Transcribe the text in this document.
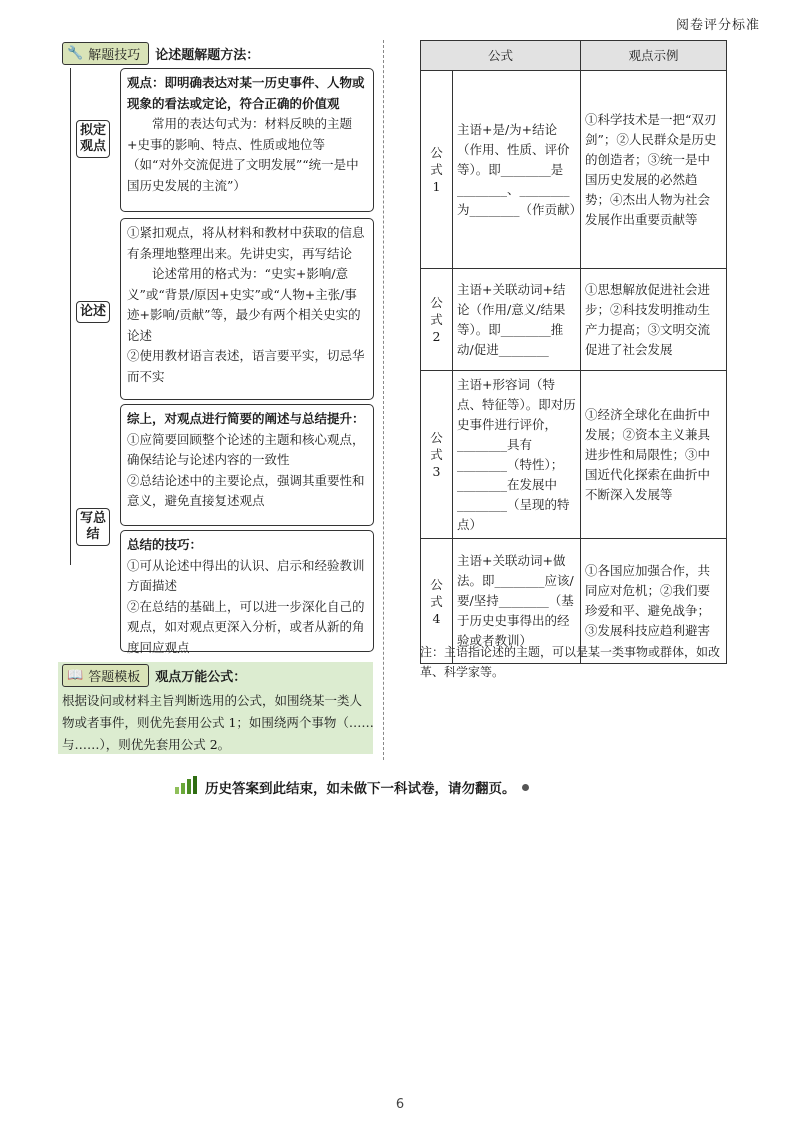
阅卷评分标准
🔧 解题技巧 论述题解题方法：
拟定
观点

观点：即明确表达对某一历史事件、人物或现象的看法或定论，符合正确的价值观

常用的表达句式为：材料反映的主题+史事的影响、特点、性质或地位等（如“对外交流促进了文明发展”“统一是中国历史发展的主流”）

论述

①紧扣观点，将从材料和教材中获取的信息有条理地整理出来。先讲史实，再写结论

论述常用的格式为：“史实+影响/意义”或“背景/原因+史实”或“人物+主张/事迹+影响/贡献”等，最少有两个相关史实的论述

②使用教材语言表述，语言要平实，切忌华而不实

写总
结

综上，对观点进行简要的阐述与总结提升：

①应简要回顾整个论述的主题和核心观点，确保结论与论述内容的一致性

②总结论述中的主要论点，强调其重要性和意义，避免直接复述观点

总结的技巧：

①可从论述中得出的认识、启示和经验教训方面描述

②在总结的基础上，可以进一步深化自己的观点，如对观点更深入分析，或者从新的角度回应观点

📖 答题模板 观点万能公式：
根据设问或材料主旨判断选用的公式，如围绕某一类人物或者事件，则优先套用公式 1；如围绕两个事物（……与……），则优先套用公式 2。
公式		观点示例

公
式
1	主语+是/为+结论（作用、性质、评价等）。即________是________、________为________（作贡献）	①科学技术是一把“双刃剑”；②人民群众是历史的创造者；③统一是中国历史发展的必然趋势；④杰出人物为社会发展作出重要贡献等

公
式
2	主语+关联动词+结论（作用/意义/结果等）。即________推动/促进________	①思想解放促进社会进步；②科技发明推动生产力提高；③文明交流促进了社会发展

公
式
3	主语+形容词（特点、特征等）。即对历史事件进行评价，________具有________（特性）；________在发展中________（呈现的特点）	①经济全球化在曲折中发展；②资本主义兼具进步性和局限性；③中国近代化探索在曲折中不断深入发展等

公
式
4	主语+关联动词+做法。即________应该/要/坚持________（基于历史史事得出的经验或者教训）	①各国应加强合作，共同应对危机；②我们要珍爱和平、避免战争；③发展科技应趋利避害
注：主语指论述的主题，可以是某一类事物或群体，如改革、科学家等。
历史答案到此结束，如未做下一科试卷，请勿翻页。
6
